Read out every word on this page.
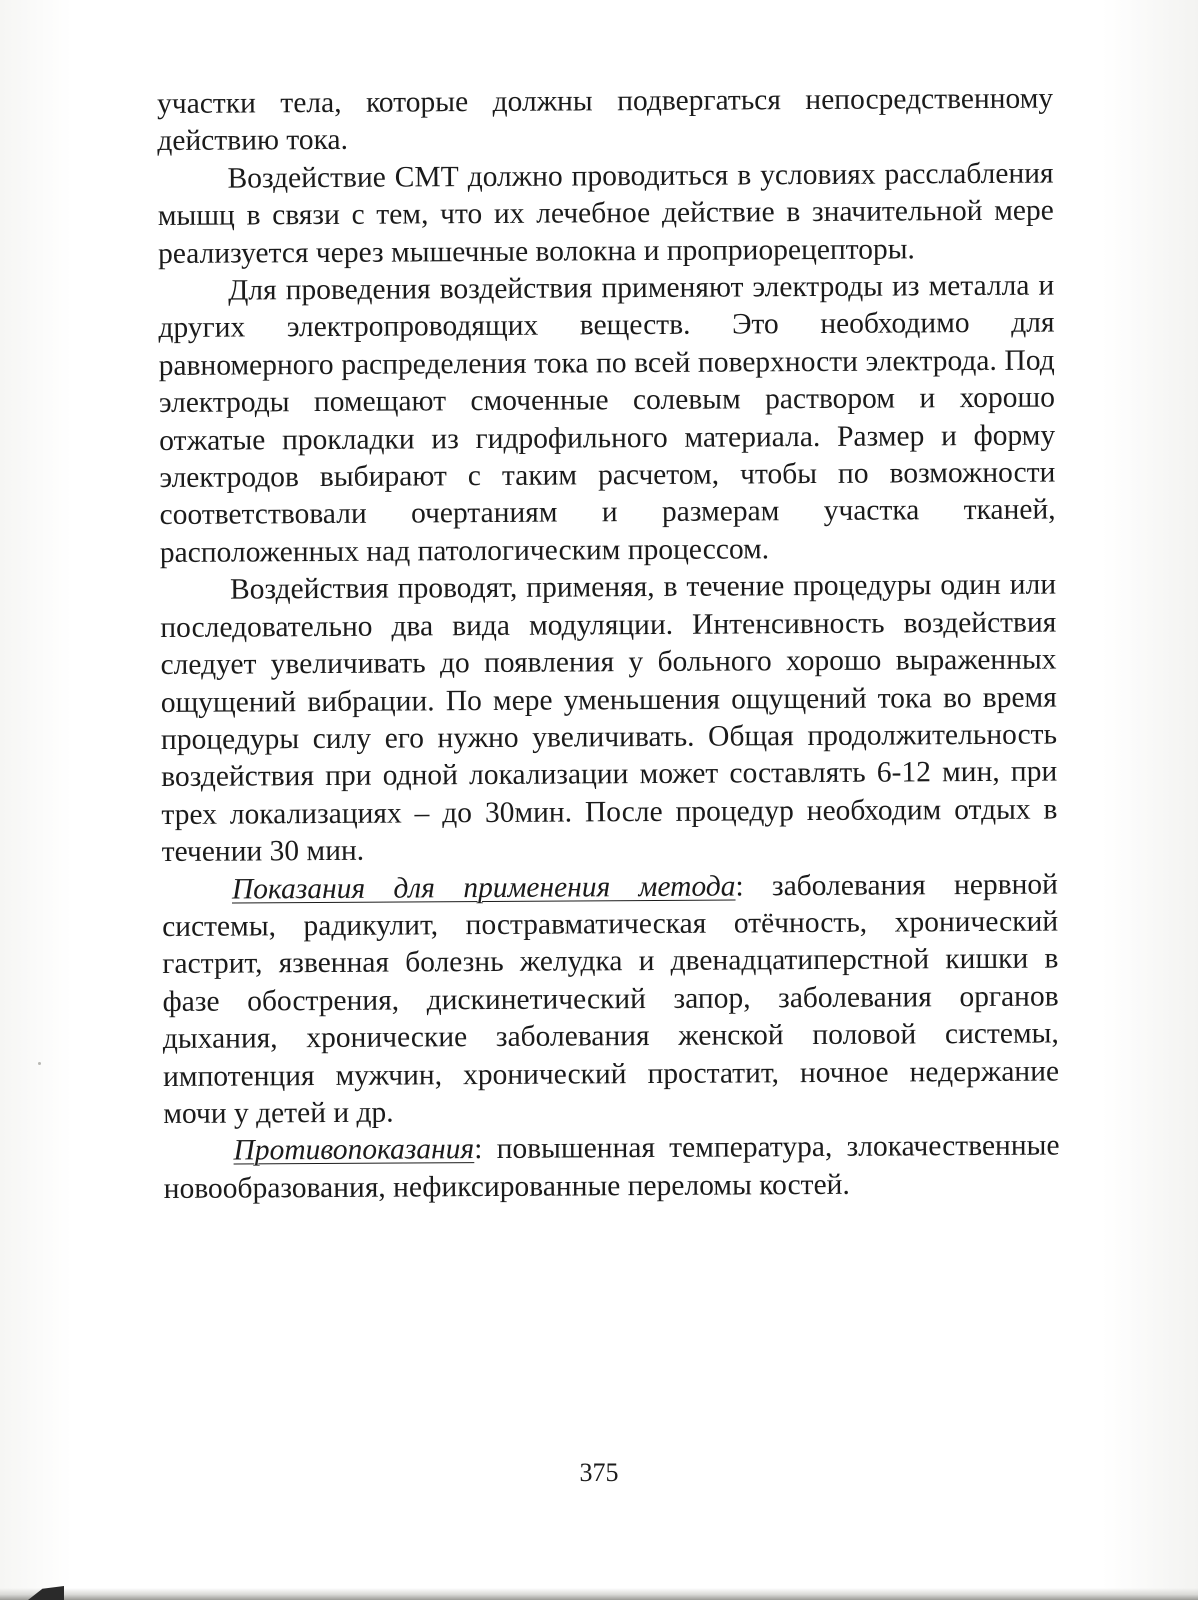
участки тела, которые должны подвергаться непосредственному действию тока.

Воздействие СМТ должно проводиться в условиях расслабления мышц в связи с тем, что их лечебное действие в значительной мере реализуется через мышечные волокна и проприорецепторы.

Для проведения воздействия применяют электроды из металла и других электропроводящих веществ. Это необходимо для равномерного распределения тока по всей поверхности электрода. Под электроды помещают смоченные солевым раствором и хорошо отжатые прокладки из гидрофильного материала. Размер и форму электродов выбирают с таким расчетом, чтобы по возможности соответствовали очертаниям и размерам участка тканей, расположенных над патологическим процессом.

Воздействия проводят, применяя, в течение процедуры один или последовательно два вида модуляции. Интенсивность воздействия следует увеличивать до появления у больного хорошо выраженных ощущений вибрации. По мере уменьшения ощущений тока во время процедуры силу его нужно увеличивать. Общая продолжительность воздействия при одной локализации может составлять 6-12 мин, при трех локализациях – до 30мин. После процедур необходим отдых в течении 30 мин.

Показания для применения метода: заболевания нервной системы, радикулит, постравматическая отёчность, хронический гастрит, язвенная болезнь желудка и двенадцатиперстной кишки в фазе обострения, дискинетический запор, заболевания органов дыхания, хронические заболевания женской половой системы, импотенция мужчин, хронический простатит, ночное недержание мочи у детей и др.

Противопоказания: повышенная температура, злокачественные новообразования, нефиксированные переломы костей.

375
